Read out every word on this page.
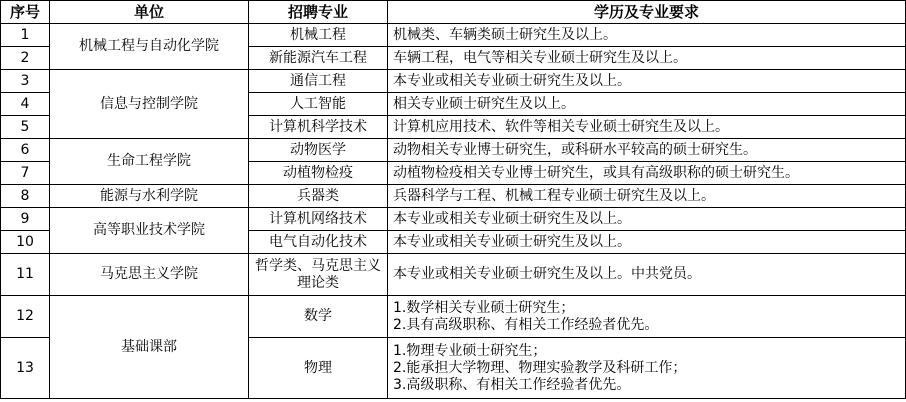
序号	单位	招聘专业	学历及专业要求
1	机械工程与自动化学院	机械工程	机械类、车辆类硕士研究生及以上。
2		新能源汽车工程	车辆工程，电气等相关专业硕士研究生及以上。
3	信息与控制学院	通信工程	本专业或相关专业硕士研究生及以上。
4		人工智能	相关专业硕士研究生及以上。
5		计算机科学技术	计算机应用技术、软件等相关专业硕士研究生及以上。
6	生命工程学院	动物医学	动物相关专业博士研究生，或科研水平较高的硕士研究生。
7		动植物检疫	动植物检疫相关专业博士研究生，或具有高级职称的硕士研究生。
8	能源与水利学院	兵器类	兵器科学与工程、机械工程专业硕士研究生及以上。
9	高等职业技术学院	计算机网络技术	本专业或相关专业硕士研究生及以上。
10		电气自动化技术	本专业或相关专业硕士研究生及以上。
11	马克思主义学院	哲学类、马克思主义
理论类	本专业或相关专业硕士研究生及以上。中共党员。
12	基础课部	数学	1.数学相关专业硕士研究生；
2.具有高级职称、有相关工作经验者优先。

13		物理	1.物理专业硕士研究生；
2.能承担大学物理、物理实验教学及科研工作；
3.高级职称、有相关工作经验者优先。
